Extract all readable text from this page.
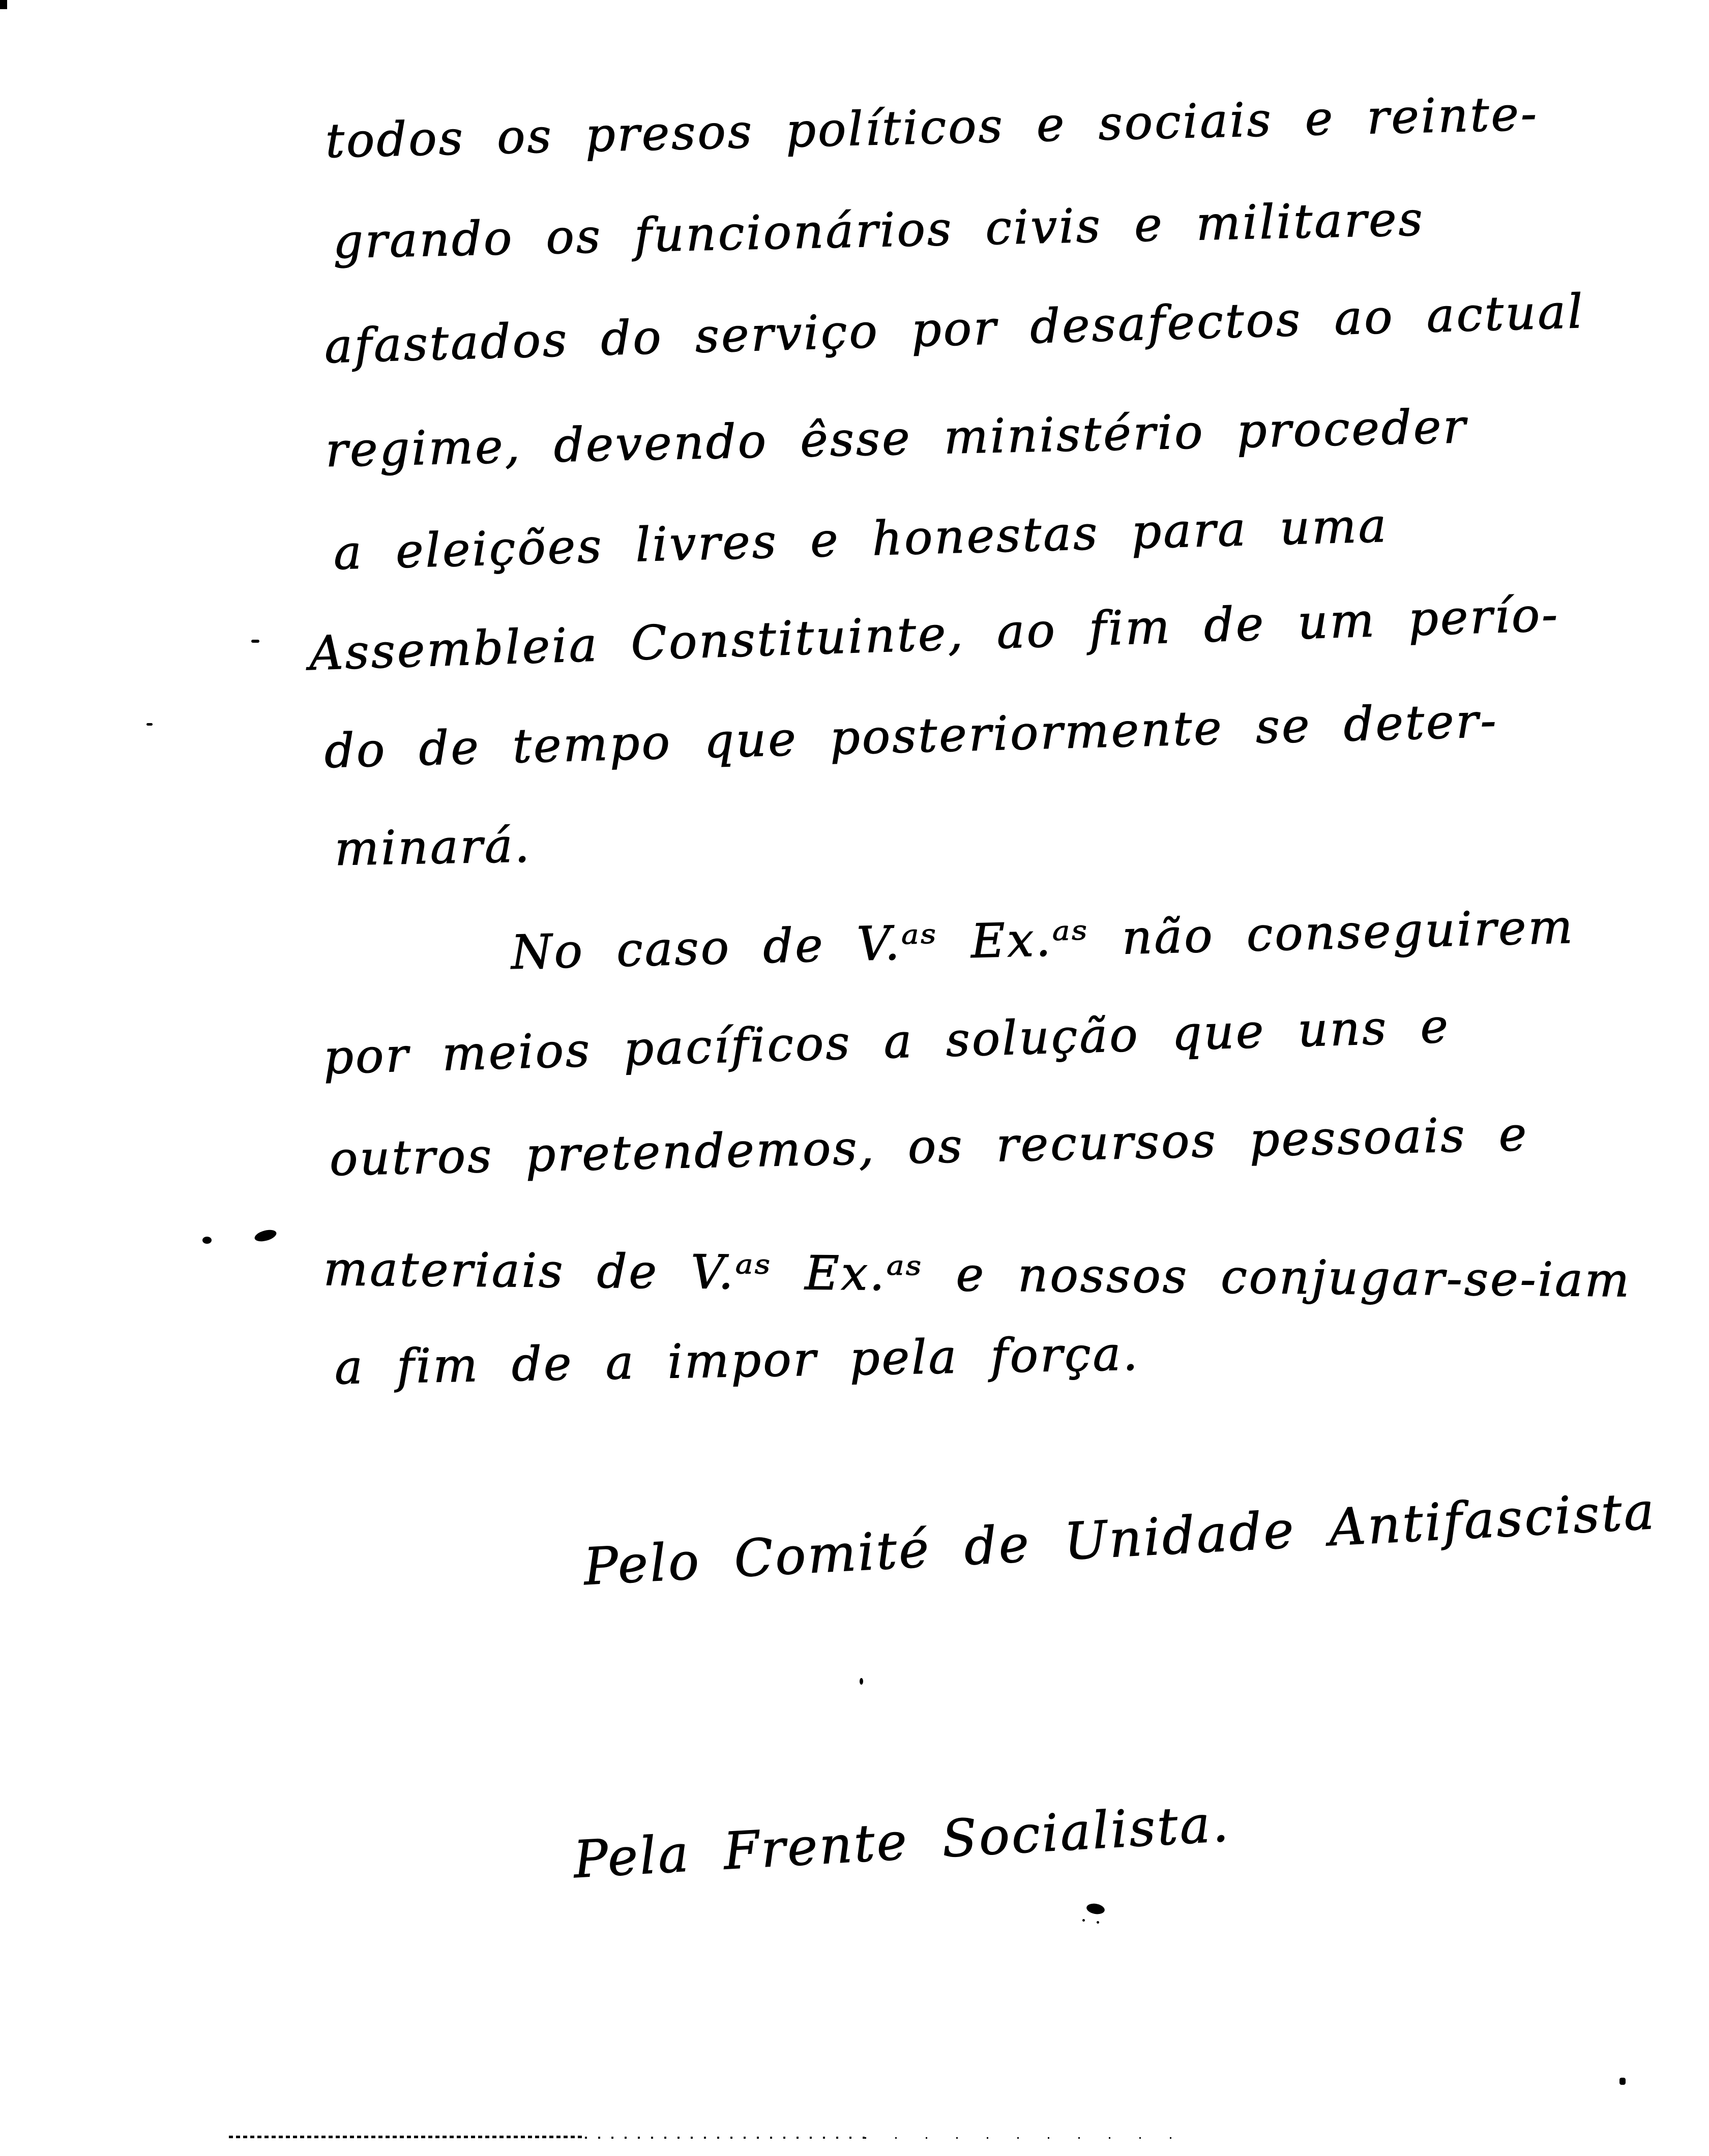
todos os presos políticos e sociais e reinte-
grando os funcionários civis e militares
afastados do serviço por desafectos ao actual
regime, devendo êsse ministério proceder
a eleições livres e honestas para uma
Assembleia Constituinte, ao fim de um perío-
do de tempo que posteriormente se deter-
minará.
No caso de V.ᵃˢ Ex.ᵃˢ não conseguirem
por meios pacíficos a solução que uns e
outros pretendemos, os recursos pessoais e
materiais de V.ᵃˢ Ex.ᵃˢ e nossos conjugar-se-iam
a fim de a impor pela força.
Pelo Comité de Unidade Antifascista
Pela Frente Socialista.
